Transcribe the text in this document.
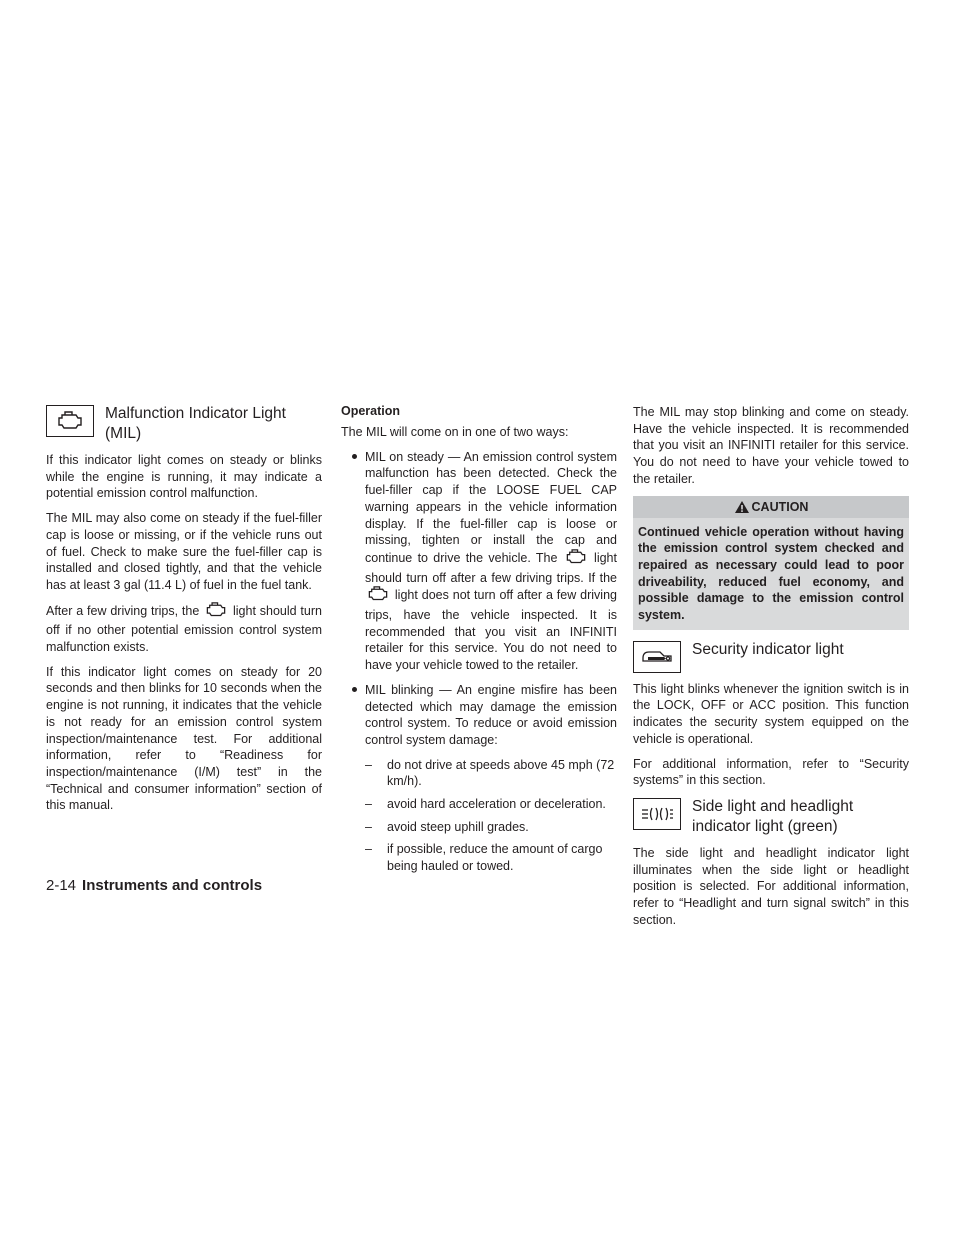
Malfunction Indicator Light (MIL)

If this indicator light comes on steady or blinks while the engine is running, it may indicate a potential emission control malfunction.

The MIL may also come on steady if the fuel-filler cap is loose or missing, or if the vehicle runs out of fuel. Check to make sure the fuel-filler cap is installed and closed tightly, and that the vehicle has at least 3 gal (11.4 L) of fuel in the fuel tank.

After a few driving trips, the	light should turn off if no other potential emission control system malfunction exists.

If this indicator light comes on steady for 20 seconds and then blinks for 10 seconds when the engine is not running, it indicates that the vehicle is not ready for an emission control system inspection/maintenance test. For additional information, refer to “Readiness for inspection/maintenance (I/M) test” in the “Technical and consumer information” section of this manual.

Operation

The MIL will come on in one of two ways:

MIL on steady — An emission control system malfunction has been detected. Check the fuel-filler cap if the LOOSE FUEL CAP warning appears in the vehicle information display. If the fuel-filler cap is loose or missing, tighten or install the cap and continue to drive the vehicle. The	light should turn off after a few driving trips. If the  light does not turn off after a few driving trips, have the vehicle inspected. It is recommended that you visit an INFINITI retailer for this service. You do not need to have your vehicle towed to the retailer.

MIL blinking — An engine misfire has been detected which may damage the emission control system. To reduce or avoid emission control system damage:

– do not drive at speeds above 45 mph (72 km/h).

– avoid hard acceleration or deceleration.

– avoid steep uphill grades.

– if possible, reduce the amount of cargo being hauled or towed.

The MIL may stop blinking and come on steady. Have the vehicle inspected. It is recommended that you visit an INFINITI retailer for this service. You do not need to have your vehicle towed to the retailer.

CAUTION

Continued vehicle operation without having the emission control system checked and repaired as necessary could lead to poor driveability, reduced fuel economy, and possible damage to the emission control system.

Security indicator light

This light blinks whenever the ignition switch is in the LOCK, OFF or ACC position. This function indicates the security system equipped on the vehicle is operational.

For additional information, refer to “Security systems” in this section.

Side light and headlight indicator light (green)

The side light and headlight indicator light illuminates when the side light or headlight position is selected. For additional information, refer to “Headlight and turn signal switch” in this section.

2-14 Instruments and controls
